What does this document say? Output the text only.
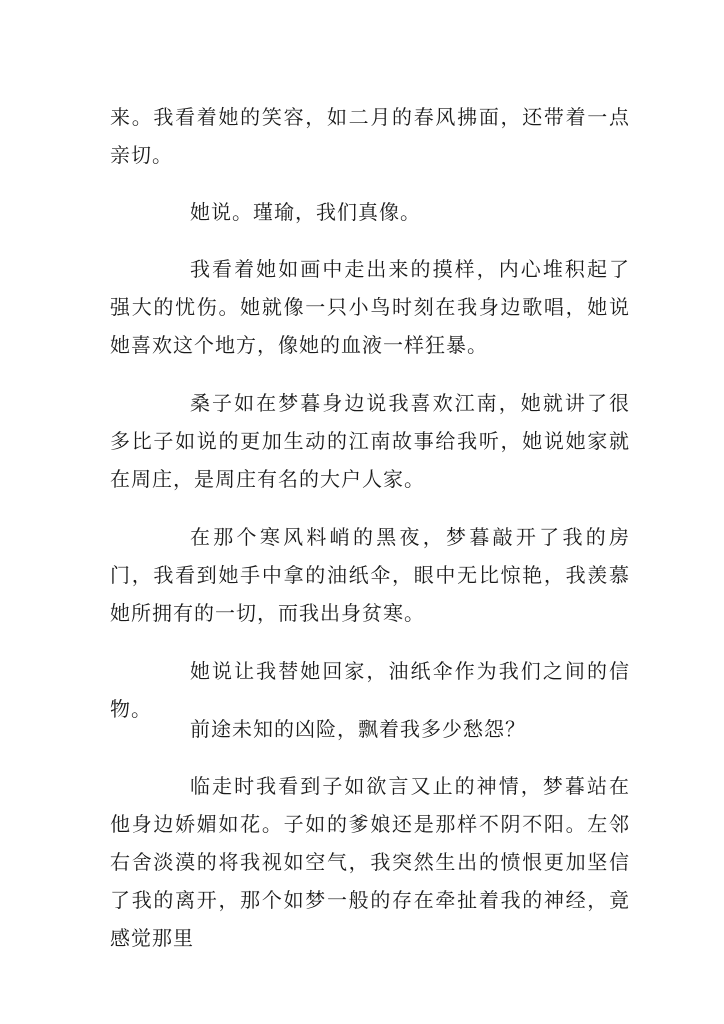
来。我看着她的笑容，如二月的春风拂面，还带着一点亲切。

她说。瑾瑜，我们真像。

我看着她如画中走出来的摸样，内心堆积起了强大的忧伤。她就像一只小鸟时刻在我身边歌唱，她说她喜欢这个地方，像她的血液一样狂暴。

桑子如在梦暮身边说我喜欢江南，她就讲了很多比子如说的更加生动的江南故事给我听，她说她家就在周庄，是周庄有名的大户人家。

在那个寒风料峭的黑夜，梦暮敲开了我的房门，我看到她手中拿的油纸伞，眼中无比惊艳，我羡慕她所拥有的一切，而我出身贫寒。

她说让我替她回家，油纸伞作为我们之间的信物。

前途未知的凶险，飘着我多少愁怨？

临走时我看到子如欲言又止的神情，梦暮站在他身边娇媚如花。子如的爹娘还是那样不阴不阳。左邻右舍淡漠的将我视如空气，我突然生出的愤恨更加坚信了我的离开，那个如梦一般的存在牵扯着我的神经，竟感觉那里
